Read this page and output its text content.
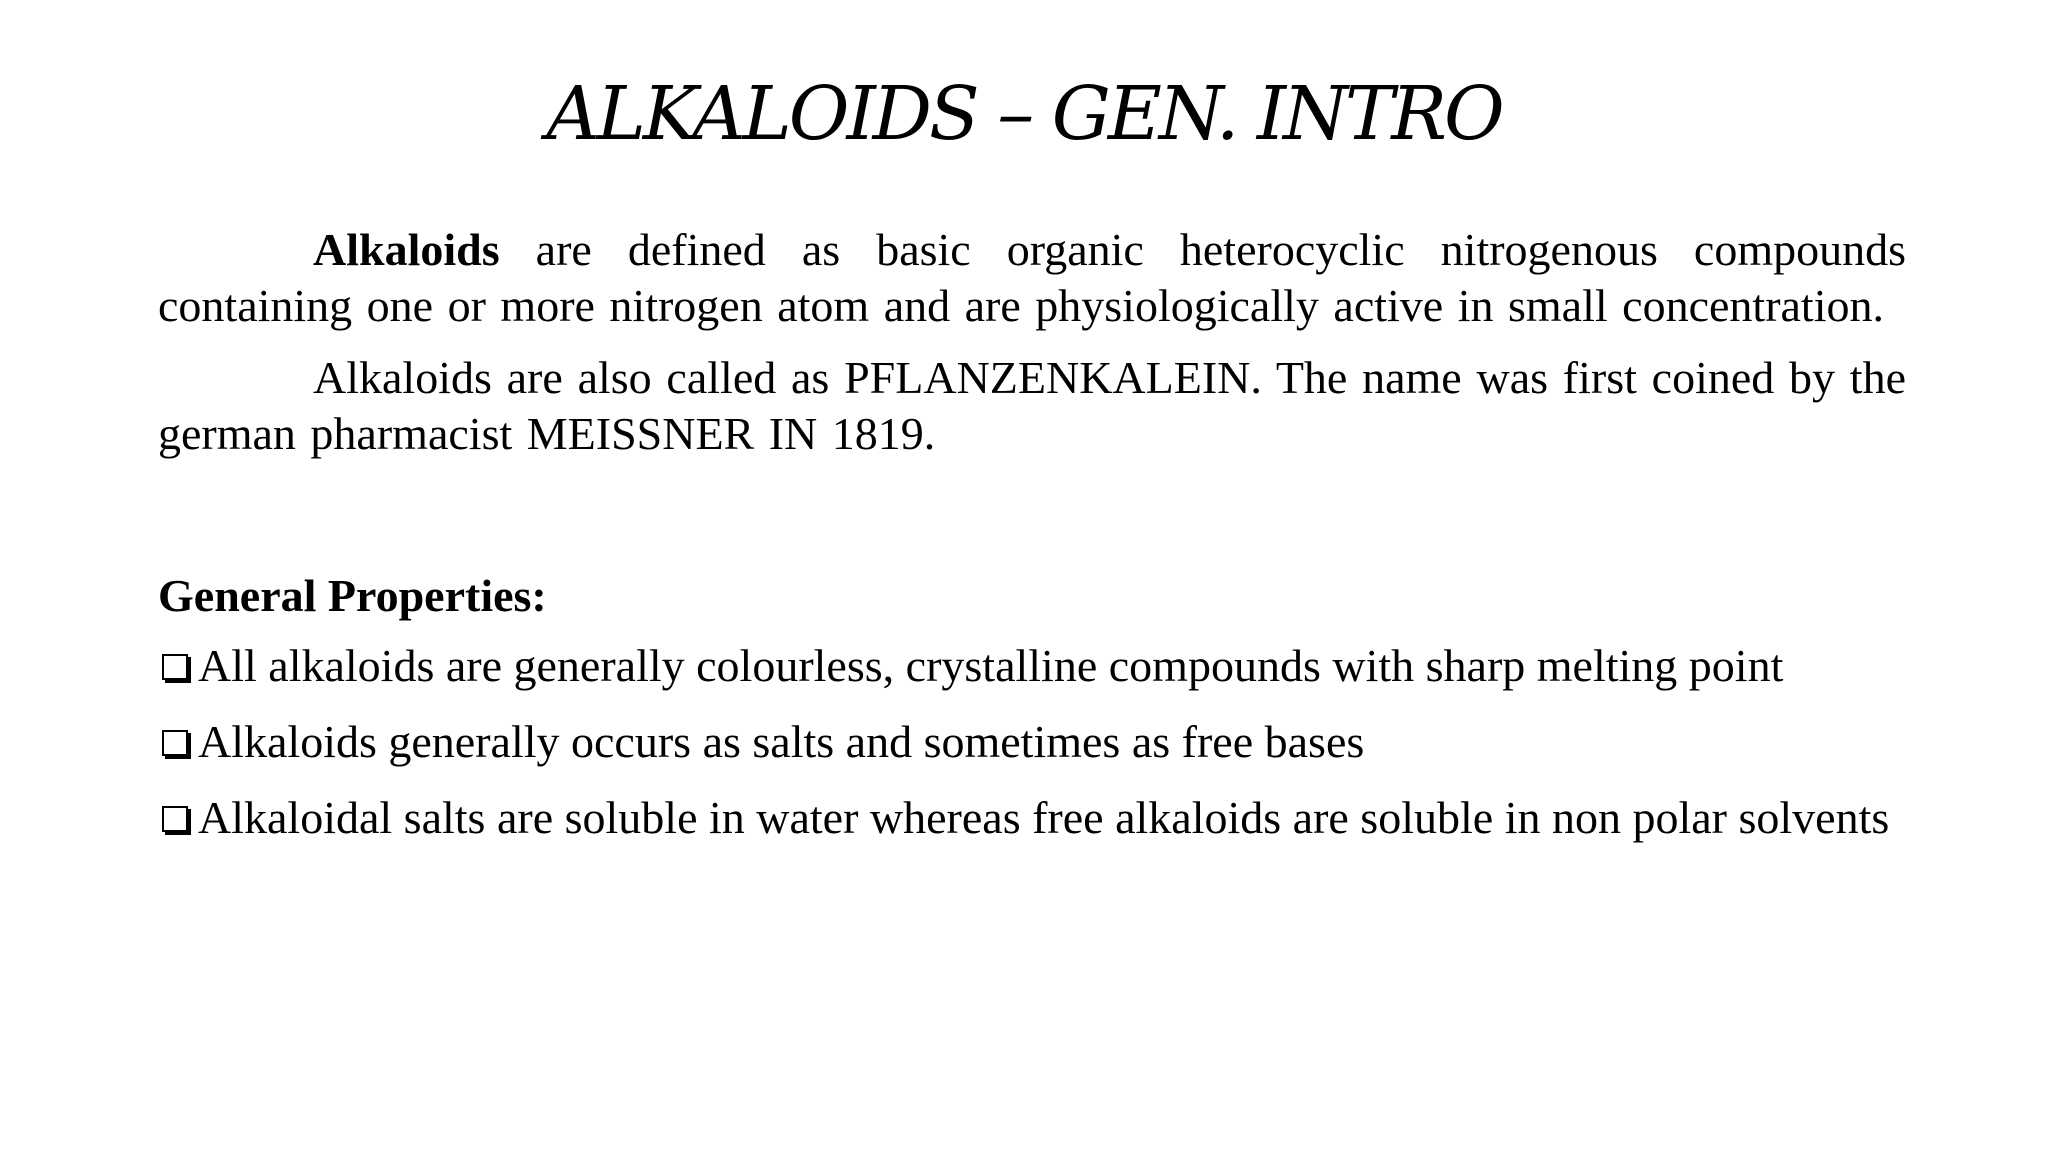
ALKALOIDS – GEN. INTRO

Alkaloids are defined as basic organic heterocyclic nitrogenous compounds containing one or more nitrogen atom and are physiologically active in small concentration.

Alkaloids are also called as PFLANZENKALEIN. The name was first coined by the german pharmacist MEISSNER IN 1819.

General Properties:

All alkaloids are generally colourless, crystalline compounds with sharp melting point
Alkaloids generally occurs as salts and sometimes as free bases
Alkaloidal salts are soluble in water whereas free alkaloids are soluble in non polar solvents
